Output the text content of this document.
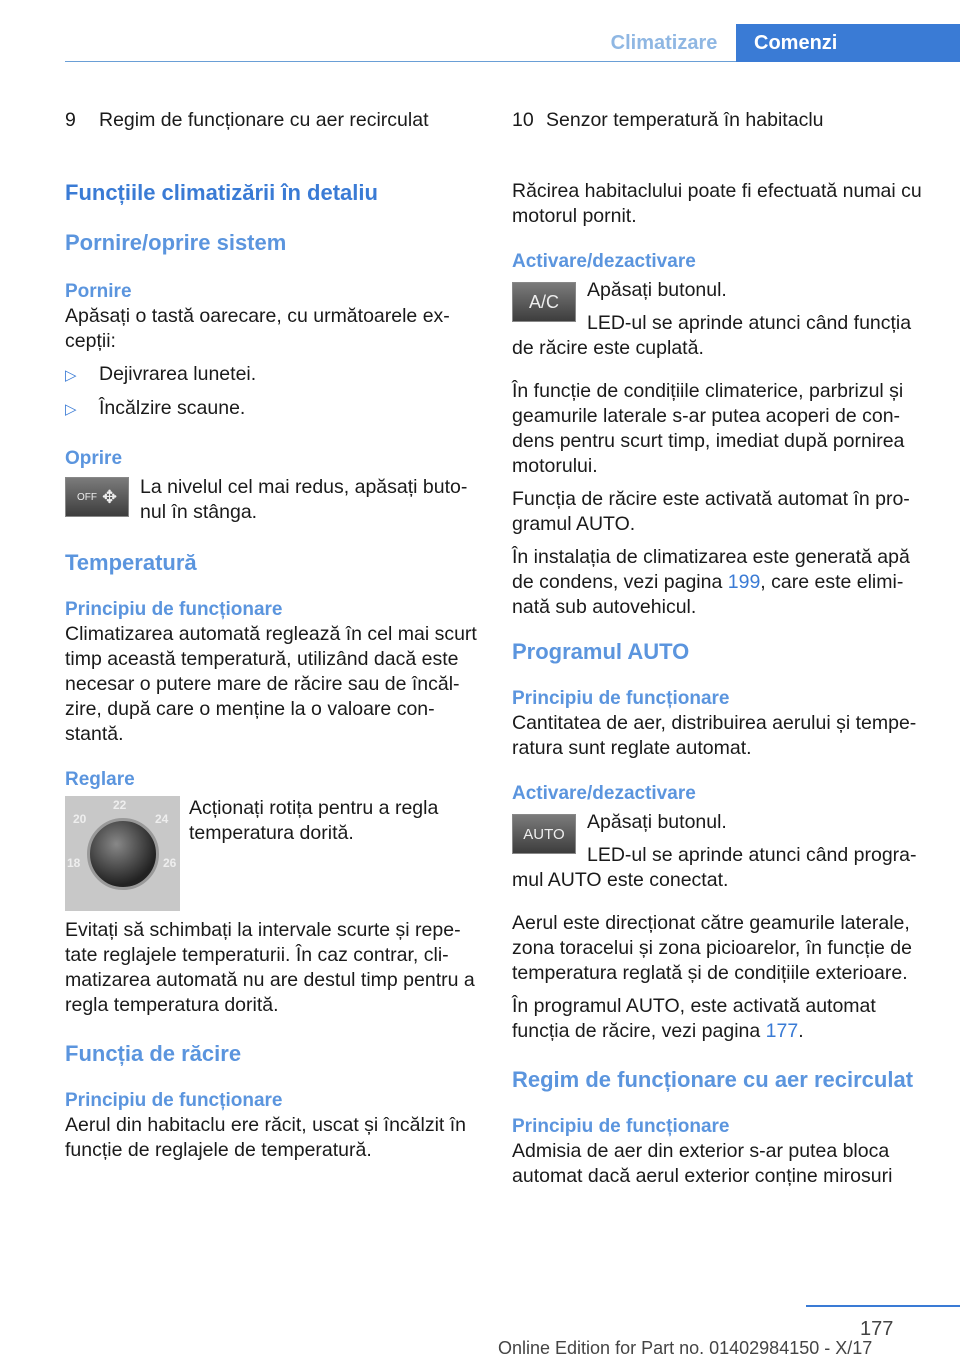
Climatizare	Comenzi
9 Regim de funcționare cu aer recirculat
Funcțiile climatizării în detaliu
Pornire/oprire sistem
Pornire
Apăsați o tastă oarecare, cu următoarele ex-cepții:
▷ Dejivrarea lunetei.
▷ Încălzire scaune.
Oprire
OFF ✥	La nivelul cel mai redus, apăsați buto-nul în stânga.
Temperatură
Principiu de funcționare
Climatizarea automată reglează în cel mai scurt timp această temperatură, utilizând dacă este necesar o putere mare de răcire sau de încăl-zire, după care o menține la o valoare con-stantă.
Reglare
22
20	24
18	26
Acționați rotița pentru a regla temperatura dorită.
Evitați să schimbați la intervale scurte și repe-tate reglajele temperaturii. În caz contrar, cli-matizarea automată nu are destul timp pentru a regla temperatura dorită.
Funcția de răcire
Principiu de funcționare
Aerul din habitaclu ere răcit, uscat și încălzit în funcție de reglajele de temperatură.
10 Senzor temperatură în habitaclu
Răcirea habitaclului poate fi efectuată numai cu motorul pornit.
Activare/dezactivare
A/C
Apăsați butonul.
LED-ul se aprinde atunci când funcția de răcire este cuplată.
În funcție de condițiile climaterice, parbrizul și geamurile laterale s-ar putea acoperi de con-dens pentru scurt timp, imediat după pornirea motorului.
Funcția de răcire este activată automat în pro-gramul AUTO.
În instalația de climatizarea este generată apă de condens, vezi pagina 199, care este elimi-nată sub autovehicul.
Programul AUTO
Principiu de funcționare
Cantitatea de aer, distribuirea aerului și tempe-ratura sunt reglate automat.
Activare/dezactivare
AUTO
Apăsați butonul.
LED-ul se aprinde atunci când progra-mul AUTO este conectat.
Aerul este direcționat către geamurile laterale, zona toracelui și zona picioarelor, în funcție de temperatura reglată și de condițiile exterioare.
În programul AUTO, este activată automat funcția de răcire, vezi pagina 177.
Regim de funcționare cu aer recirculat
Principiu de funcționare
Admisia de aer din exterior s-ar putea bloca automat dacă aerul exterior conține mirosuri
177
Online Edition for Part no. 01402984150 - X/17
